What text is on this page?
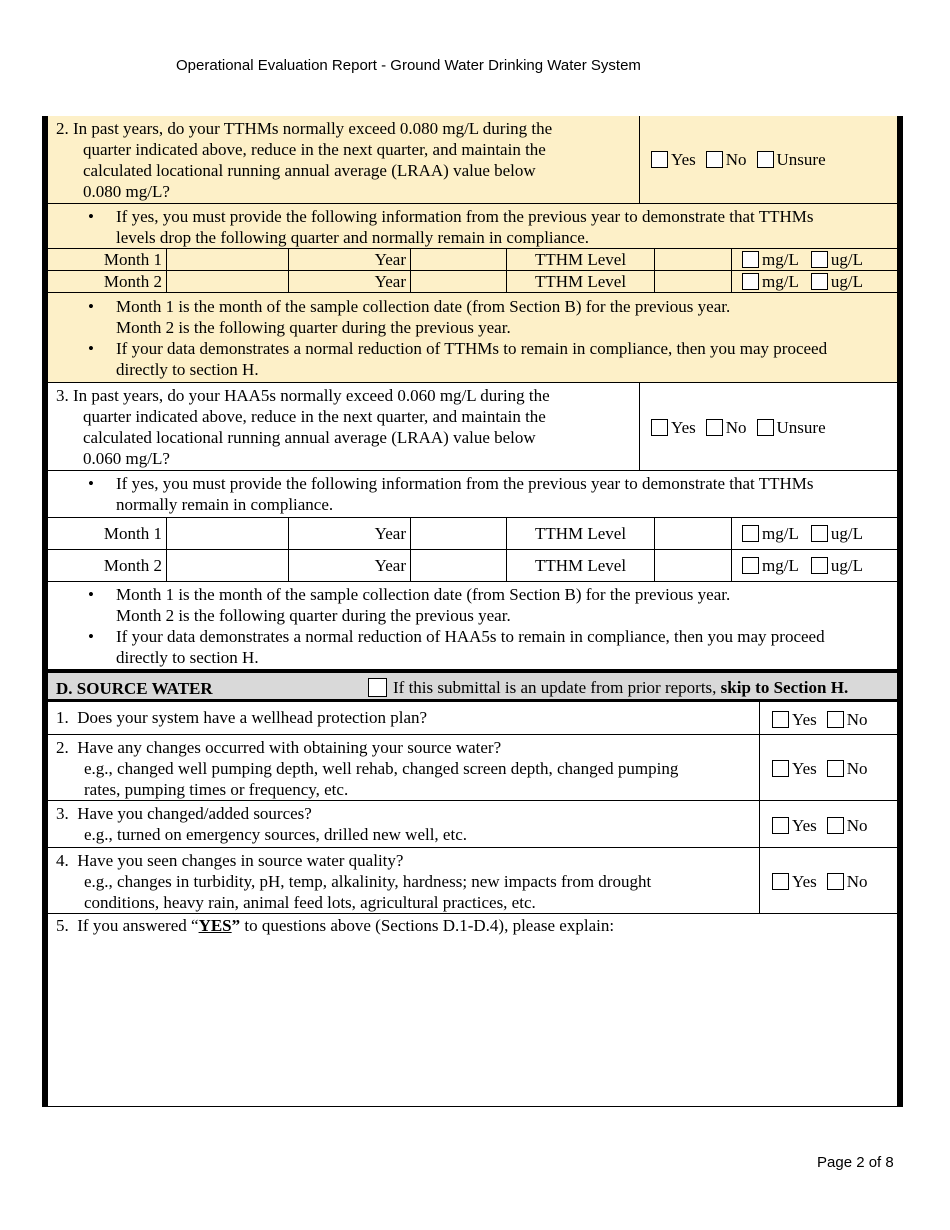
Operational Evaluation Report - Ground Water Drinking Water System
2. In past years, do your TTHMs normally exceed 0.080 mg/L during the
quarter indicated above, reduce in the next quarter, and maintain the
calculated locational running annual average (LRAA) value below
0.080 mg/L?
Yes No Unsure
• If yes, you must provide the following information from the previous year to demonstrate that TTHMs
levels drop the following quarter and normally remain in compliance.
Month 1	Year	TTHM Level	mg/L ug/L
Month 2	Year	TTHM Level	mg/L ug/L
• Month 1 is the month of the sample collection date (from Section B) for the previous year.
Month 2 is the following quarter during the previous year.
• If your data demonstrates a normal reduction of TTHMs to remain in compliance, then you may proceed
directly to section H.
3. In past years, do your HAA5s normally exceed 0.060 mg/L during the
quarter indicated above, reduce in the next quarter, and maintain the
calculated locational running annual average (LRAA) value below
0.060 mg/L?
Yes No Unsure
• If yes, you must provide the following information from the previous year to demonstrate that TTHMs
normally remain in compliance.
Month 1	Year	TTHM Level	mg/L ug/L
Month 2	Year	TTHM Level	mg/L ug/L
• Month 1 is the month of the sample collection date (from Section B) for the previous year.
Month 2 is the following quarter during the previous year.
• If your data demonstrates a normal reduction of HAA5s to remain in compliance, then you may proceed
directly to section H.
D. SOURCE WATER	If this submittal is an update from prior reports,
skip to Section H.
1. Does your system have a wellhead protection plan?	Yes No
2. Have any changes occurred with obtaining your source water?
e.g., changed well pumping depth, well rehab, changed screen depth, changed pumping
rates, pumping times or frequency, etc.
Yes No
3. Have you changed/added sources?
e.g., turned on emergency sources, drilled new well, etc.	Yes No
4. Have you seen changes in source water quality?
e.g., changes in turbidity, pH, temp, alkalinity, hardness; new impacts from drought
conditions, heavy rain, animal feed lots, agricultural practices, etc.
Yes No
5. If you answered “YES” to questions above (Sections D.1-D.4), please explain:
Page 2 of 8
